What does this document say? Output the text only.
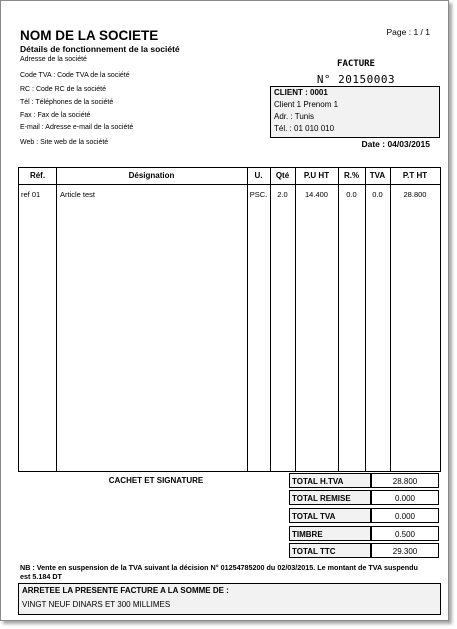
NOM DE LA SOCIETE
Détails de fonctionnement de la société
Adresse de la société
Code TVA : Code TVA de la société
RC : Code RC de la société
Tél : Téléphones de la société
Fax : Fax de la société
E-mail : Adresse e-mail de la société
Web : Site web de la société
Page : 1 / 1
FACTURE
N° 20150003
CLIENT : 0001
Client 1 Prenom 1
Adr. : Tunis
Tél. : 01 010 010
Date : 04/03/2015
Réf.	Désignation	U.	Qté	P.U HT	R.%	TVA	P.T HT
ref 01	Article test	PSC.	2.0	14.400	0.0	0.0	28.800
CACHET ET SIGNATURE	TOTAL H.TVA	28.800
TOTAL REMISE	0.000
TOTAL TVA	0.000
TIMBRE	0.500
TOTAL TTC	29.300
NB : Vente en suspension de la TVA suivant la décision N° 01254785200 du 02/03/2015. Le montant de TVA suspendu est 5.184 DT
ARRETEE LA PRESENTE FACTURE A LA SOMME DE :
VINGT NEUF DINARS ET 300 MILLIMES
